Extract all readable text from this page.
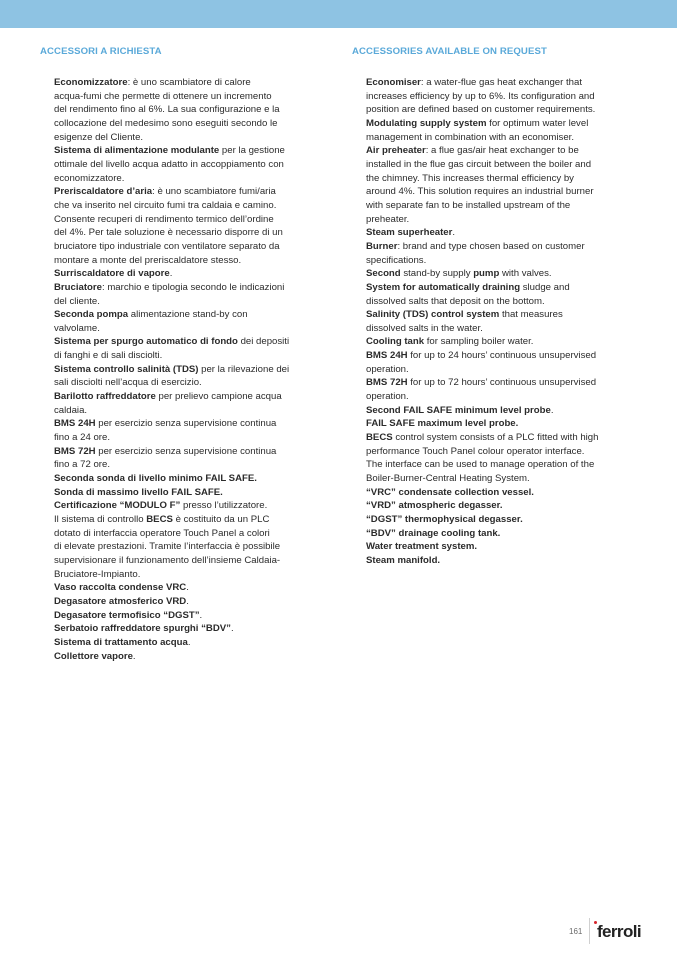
ACCESSORI A RICHIESTA
Economizzatore: è uno scambiatore di calore
acqua-fumi che permette di ottenere un incremento
del rendimento fino al 6%. La sua configurazione e la
collocazione del medesimo sono eseguiti secondo le
esigenze del Cliente.
Sistema di alimentazione modulante per la gestione
ottimale del livello acqua adatto in accoppiamento con
economizzatore.
Preriscaldatore d’aria: è uno scambiatore fumi/aria
che va inserito nel circuito fumi tra caldaia e camino.
Consente recuperi di rendimento termico dell’ordine
del 4%. Per tale soluzione è necessario disporre di un
bruciatore tipo industriale con ventilatore separato da
montare a monte del preriscaldatore stesso.
Surriscaldatore di vapore.
Bruciatore: marchio e tipologia secondo le indicazioni
del cliente.
Seconda pompa alimentazione stand-by con
valvolame.
Sistema per spurgo automatico di fondo dei depositi
di fanghi e di sali disciolti.
Sistema controllo salinità (TDS) per la rilevazione dei
sali disciolti nell’acqua di esercizio.
Barilotto raffreddatore per prelievo campione acqua
caldaia.
BMS 24H per esercizio senza supervisione continua
fino a 24 ore.
BMS 72H per esercizio senza supervisione continua
fino a 72 ore.
Seconda sonda di livello minimo FAIL SAFE.
Sonda di massimo livello FAIL SAFE.
Certificazione “MODULO F” presso l’utilizzatore.
Il sistema di controllo BECS è costituito da un PLC
dotato di interfaccia operatore Touch Panel a colori
di elevate prestazioni. Tramite l’interfaccia è possibile
supervisionare il funzionamento dell’insieme Caldaia-
Bruciatore-Impianto.
Vaso raccolta condense VRC.
Degasatore atmosferico VRD.
Degasatore termofisico “DGST”.
Serbatoio raffreddatore spurghi “BDV”.
Sistema di trattamento acqua.
Collettore vapore.
ACCESSORIES AVAILABLE ON REQUEST
Economiser: a water-flue gas heat exchanger that
increases efficiency by up to 6%. Its configuration and
position are defined based on customer requirements.
Modulating supply system for optimum water level
management in combination with an economiser.
Air preheater: a flue gas/air heat exchanger to be
installed in the flue gas circuit between the boiler and
the chimney. This increases thermal efficiency by
around 4%. This solution requires an industrial burner
with separate fan to be installed upstream of the
preheater.
Steam superheater.
Burner: brand and type chosen based on customer
specifications.
Second stand-by supply pump with valves.
System for automatically draining sludge and
dissolved salts that deposit on the bottom.
Salinity (TDS) control system that measures
dissolved salts in the water.
Cooling tank for sampling boiler water.
BMS 24H for up to 24 hours’ continuous unsupervised
operation.
BMS 72H for up to 72 hours’ continuous unsupervised
operation.
Second FAIL SAFE minimum level probe.
FAIL SAFE maximum level probe.
BECS control system consists of a PLC fitted with high
performance Touch Panel colour operator interface.
The interface can be used to manage operation of the
Boiler-Burner-Central Heating System.
“VRC” condensate collection vessel.
“VRD” atmospheric degasser.
“DGST” thermophysical degasser.
“BDV” drainage cooling tank.
Water treatment system.
Steam manifold.
161 ferroli
